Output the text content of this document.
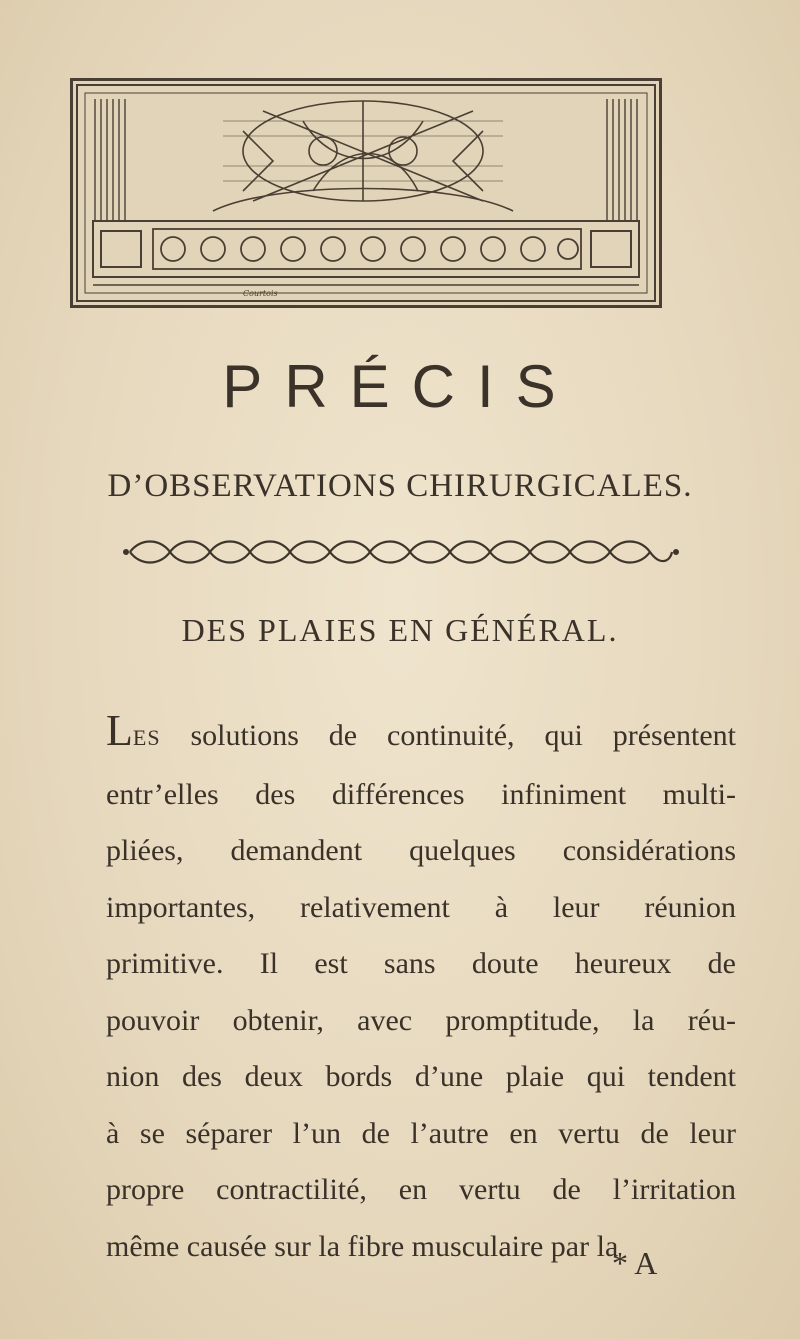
Courtois
PRÉCIS
D’OBSERVATIONS CHIRURGICALES.
DES PLAIES EN GÉNÉRAL.
LES solutions de continuité, qui présentent
entr’elles des différences infiniment multi-
pliées, demandent quelques considérations
importantes, relativement à leur réunion
primitive. Il est sans doute heureux de
pouvoir obtenir, avec promptitude, la réu-
nion des deux bords d’une plaie qui tendent
à se séparer l’un de l’autre en vertu de leur
propre contractilité, en vertu de l’irritation
même causée sur la fibre musculaire par la
* A
